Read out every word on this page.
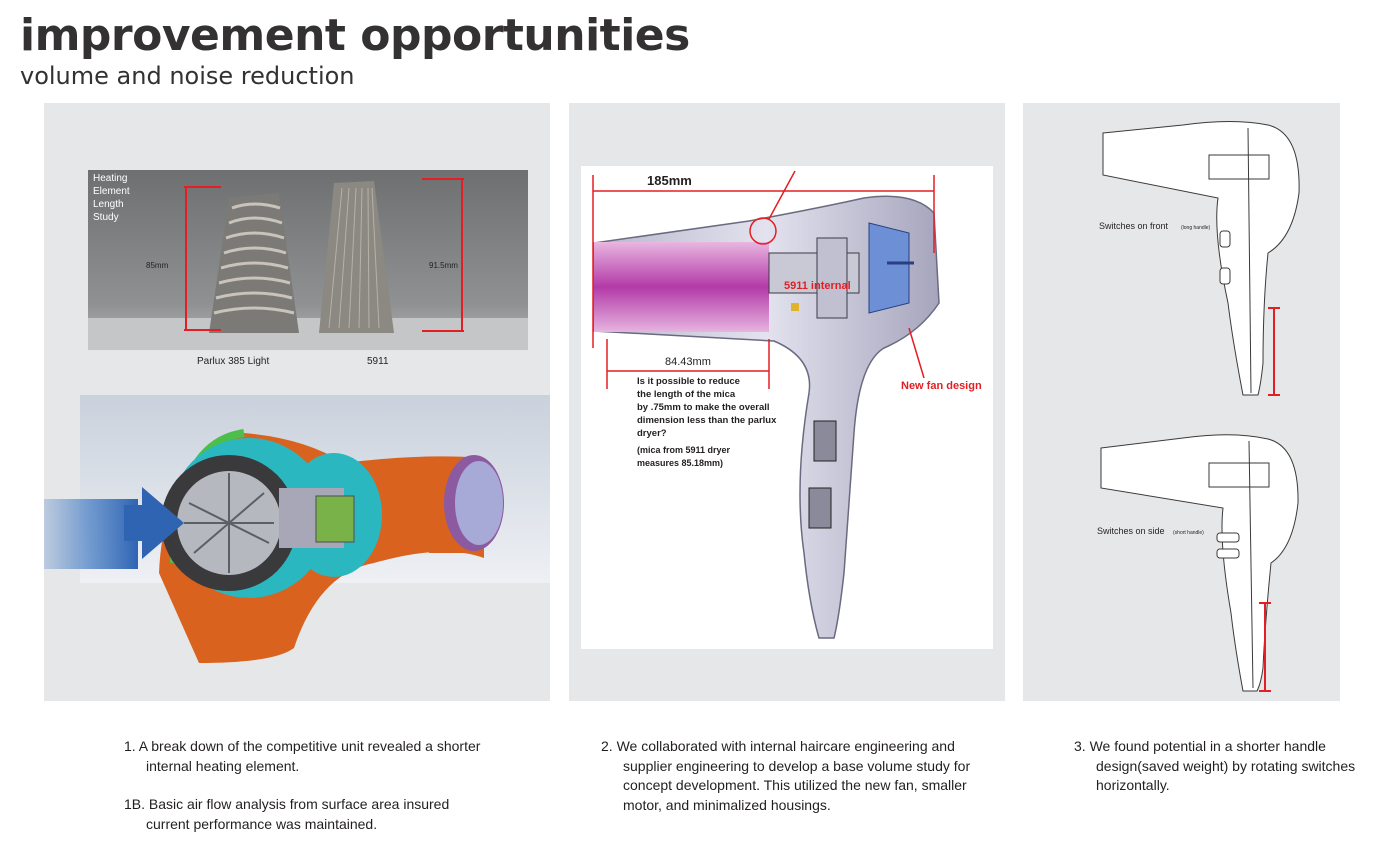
improvement opportunities
volume and noise reduction
Heating
Element
Length
Study
85mm	91.5mm
Parlux 385 Light	5911
185mm
84.43mm
5911 internal
New fan design
Is it possible to reduce
the length of the mica
by .75mm to make the overall
dimension less than the parlux
dryer?
(mica from 5911 dryer
measures 85.18mm)
Switches on front	(long handle)
Switches on side (short handle)
1. A break down of the competitive unit revealed a shorter internal heating element.
1B. Basic air flow analysis from surface area insured current performance was maintained.
2. We collaborated with internal haircare engineering and supplier engineering to develop a base volume study for concept development. This utilized the new fan, smaller motor, and minimalized housings.
3. We found potential in a shorter handle design(saved weight) by rotating switches horizontally.
